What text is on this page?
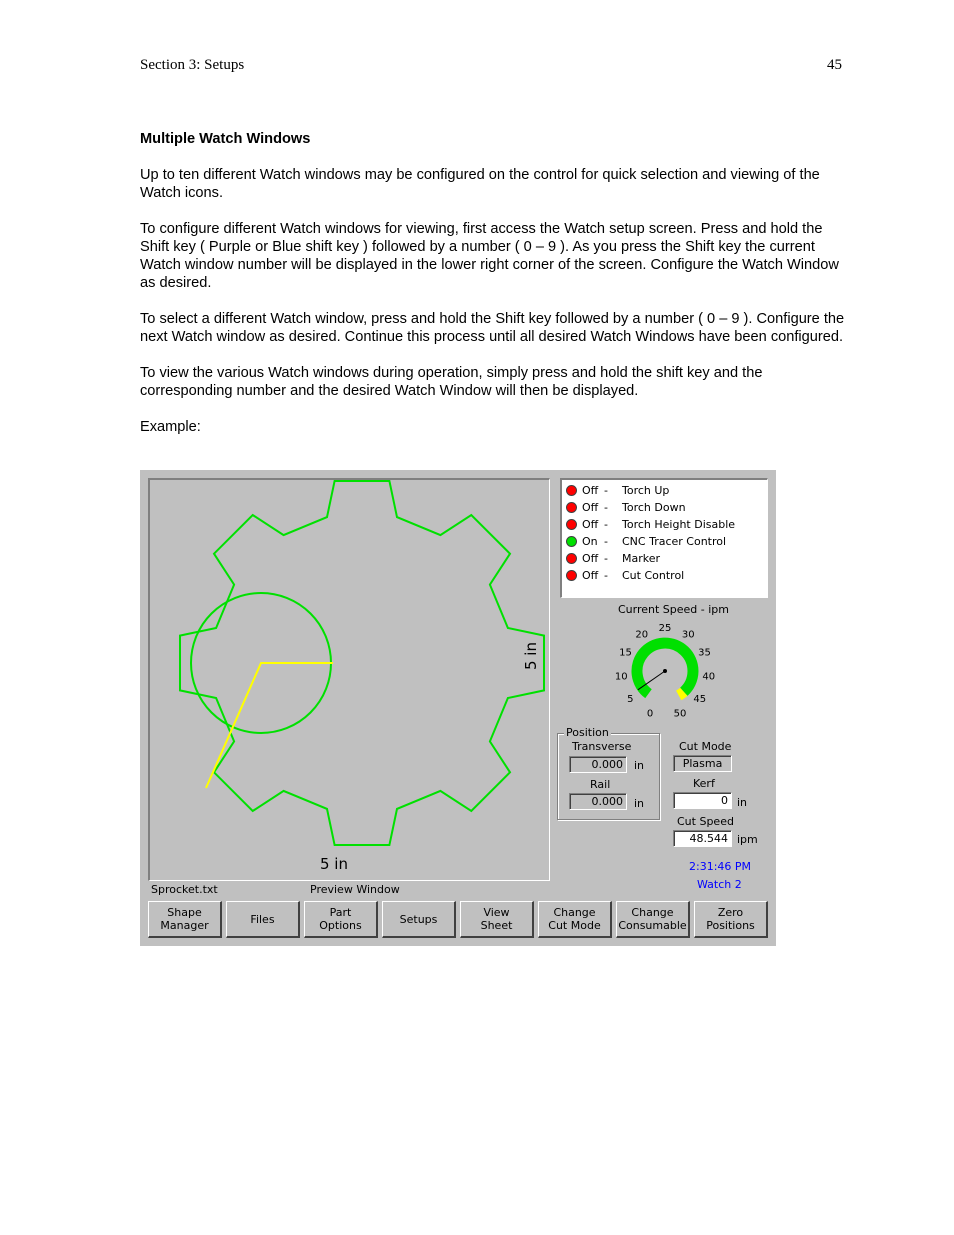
Section 3: Setups	45
Multiple Watch Windows
Up to ten different Watch windows may be configured on the control for quick selection and viewing of the Watch icons.
To configure different Watch windows for viewing, first access the Watch setup screen. Press and hold the Shift key ( Purple or Blue shift key ) followed by a number ( 0 – 9 ). As you press the Shift key the current Watch window number will be displayed in the lower right corner of the screen. Configure the Watch Window as desired.
To select a different Watch window, press and hold the Shift key followed by a number ( 0 – 9 ). Configure the next Watch window as desired. Continue this process until all desired Watch Windows have been configured.
To view the various Watch windows during operation, simply press and hold the shift key and the corresponding number and the desired Watch Window will then be displayed.
Example:
5 in
5 in
Sprocket.txt	Preview Window
Off -	Torch Up
Off -	Torch Down
Off -	Torch Height Disable
On -	CNC Tracer Control
Off -	Marker
Off -	Cut Control
Current Speed - ipm
0
5
10
15
20
25
30
35
40
45
50
Position
Transverse
0.000	in
Rail
0.000	in
Cut Mode
Plasma
Kerf
0 in
Cut Speed
48.544 ipm
2:31:46 PM
Watch 2
Shape
Manager	Files	Part
Options	Setups	View
Sheet
Change
Cut Mode
Change
Consumable
Zero
Positions
